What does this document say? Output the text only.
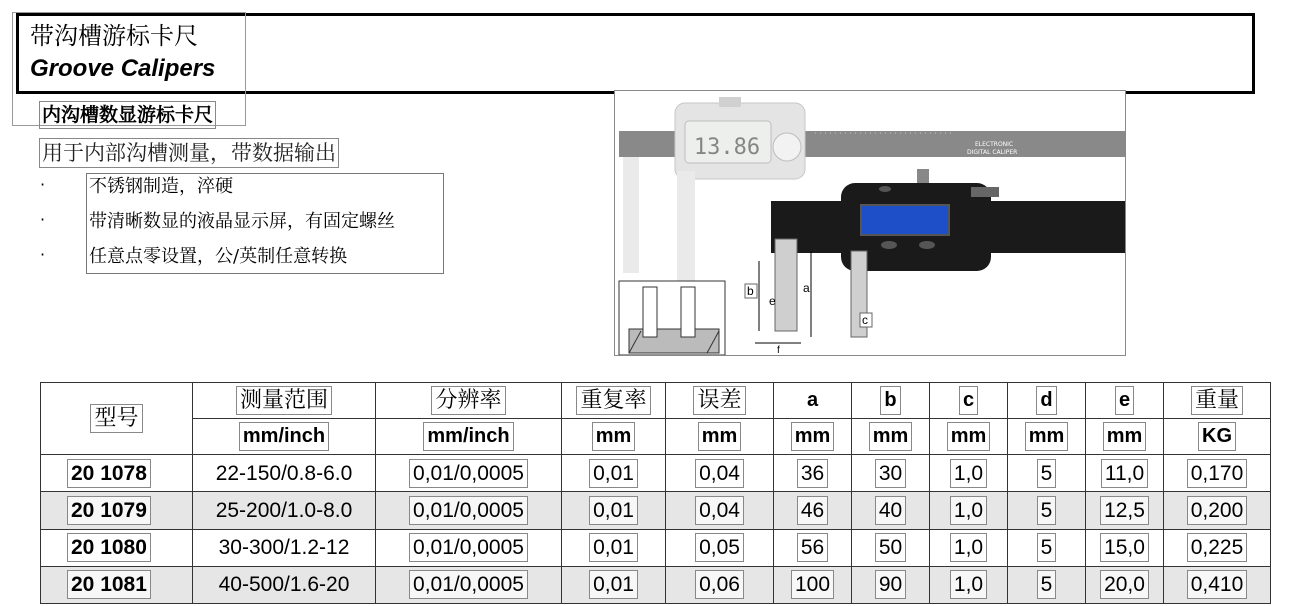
带沟槽游标卡尺
Groove Calipers
内沟槽数显游标卡尺
用于内部沟槽测量，带数据输出
· 不锈钢制造，淬硬
· 带清晰数显的液晶显示屏，有固定螺丝
· 任意点零设置，公/英制任意转换
13.86	ELECTRONIC
DIGITAL CALIPER
a
b
e
c
f
型号	测量范围	分辨率	重复率	误差	a	b	c	d	e	重量
	mm/inch	mm/inch	mm	mm	mm	mm	mm	mm	mm	KG
20 1078	22-150/0.8-6.0	0,01/0,0005	0,01	0,04	36	30	1,0	5	11,0	0,170
20 1079	25-200/1.0-8.0	0,01/0,0005	0,01	0,04	46	40	1,0	5	12,5	0,200
20 1080	30-300/1.2-12	0,01/0,0005	0,01	0,05	56	50	1,0	5	15,0	0,225
20 1081	40-500/1.6-20	0,01/0,0005	0,01	0,06	100	90	1,0	5	20,0	0,410
